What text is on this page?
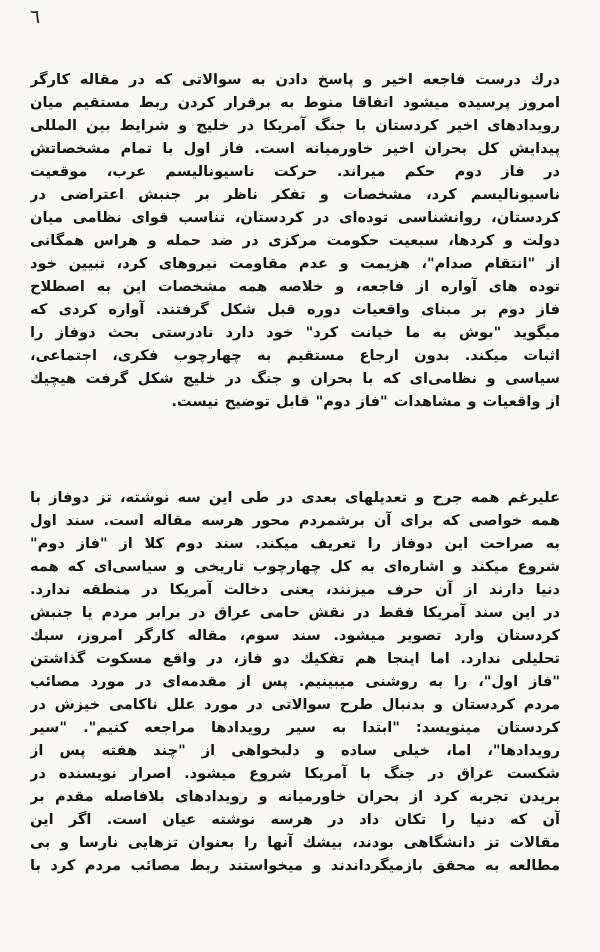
٦
درك درست فاجعه اخير و پاسخ دادن به سوالاتی که در مقاله کارگر
امروز پرسیده میشود اتفاقا منوط به برقرار کردن ربط مستقیم میان
رویدادهای اخیر کردستان با جنگ آمریکا در خلیج و شرایط بین المللی
پیدایش کل بحران اخیر خاورمیانه است. فاز اول با تمام مشخصاتش
در فاز دوم حکم میراند. حرکت ناسیونالیسم عرب، موقعیت
ناسیونالیسم کرد، مشخصات و تفکر ناظر بر جنبش اعتراضی در
کردستان، روانشناسی توده‌ای در کردستان، تناسب قوای نظامی میان
دولت و کردها، سبعیت حکومت مرکزی در ضد حمله و هراس همگانی
از "انتقام صدام"، هزیمت و عدم مقاومت نیروهای کرد، تبیین خود
توده های آواره از فاجعه، و خلاصه همه مشخصات این به اصطلاح
فاز دوم بر مبنای واقعیات دوره قبل شکل گرفتند. آواره کردی که
میگوید "بوش به ما خیانت کرد" خود دارد نادرستی بحث دوفاز را
اثبات میکند. بدون ارجاع مستقیم به چهارچوب فکری، اجتماعی،
سیاسی و نظامی‌ای که با بحران و جنگ در خلیج شکل گرفت هیچیك
از واقعیات و مشاهدات "فاز دوم" قابل توضیح نیست.
علیرغم همه جرح و تعدیلهای بعدی در طی این سه نوشته، تز دوفاز با
همه خواصی که برای آن برشمردم محور هرسه مقاله است. سند اول
به صراحت این دوفاز را تعریف میکند. سند دوم کلا از "فاز دوم"
شروع میکند و اشاره‌ای به کل چهارچوب تاریخی و سیاسی‌ای که همه
دنیا دارند از آن حرف میزنند، یعنی دخالت آمریکا در منطقه ندارد.
در این سند آمریکا فقط در نقش حامی عراق در برابر مردم یا جنبش
کردستان وارد تصویر میشود. سند سوم، مقاله کارگر امروز، سبك
تحلیلی ندارد. اما اینجا هم تفکیك دو فاز، در واقع مسکوت گذاشتن
"فاز اول"، را به روشنی میبینیم. پس از مقدمه‌ای در مورد مصائب
مردم کردستان و بدنبال طرح سوالاتی در مورد علل ناکامی خیزش در
کردستان مینویسد: "ابتدا به سیر رویدادها مراجعه کنیم". "سیر
رویدادها"، اما، خیلی ساده و دلبخواهی از "چند هفته پس از
شکست عراق در جنگ با آمریکا شروع میشود. اصرار نویسنده در
بریدن تجربه کرد از بحران خاورمیانه و رویدادهای بلافاصله مقدم بر
آن که دنیا را تکان داد در هرسه نوشته عیان است. اگر این
مقالات تز دانشگاهی بودند، بیشك آنها را بعنوان تزهایی نارسا و بی
مطالعه به محقق بازمیگرداندند و میخواستند ربط مصائب مردم کرد با
